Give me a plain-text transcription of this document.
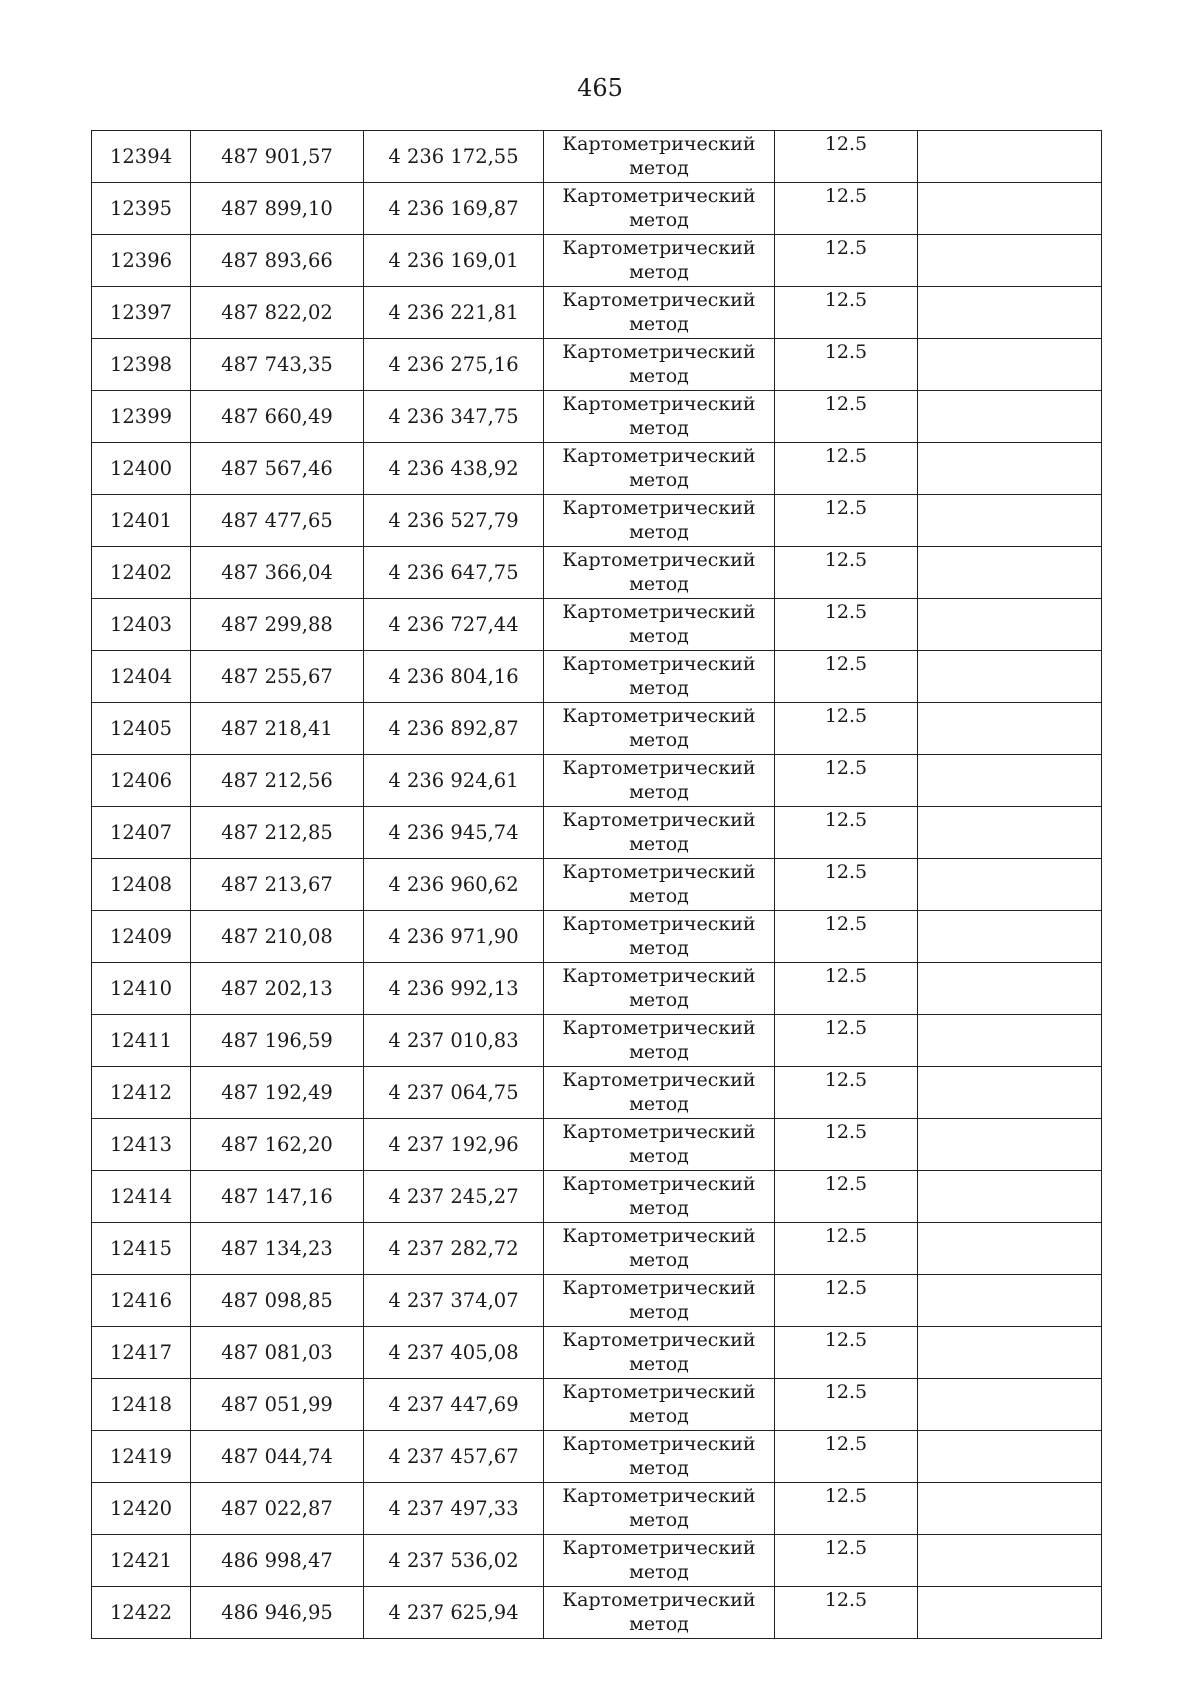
465
12394	487 901,57	4 236 172,55	Картометрический
метод	12.5	
12395	487 899,10	4 236 169,87	Картометрический
метод	12.5	
12396	487 893,66	4 236 169,01	Картометрический
метод	12.5	
12397	487 822,02	4 236 221,81	Картометрический
метод	12.5	
12398	487 743,35	4 236 275,16	Картометрический
метод	12.5	
12399	487 660,49	4 236 347,75	Картометрический
метод	12.5	
12400	487 567,46	4 236 438,92	Картометрический
метод	12.5	
12401	487 477,65	4 236 527,79	Картометрический
метод	12.5	
12402	487 366,04	4 236 647,75	Картометрический
метод	12.5	
12403	487 299,88	4 236 727,44	Картометрический
метод	12.5	
12404	487 255,67	4 236 804,16	Картометрический
метод	12.5	
12405	487 218,41	4 236 892,87	Картометрический
метод	12.5	
12406	487 212,56	4 236 924,61	Картометрический
метод	12.5	
12407	487 212,85	4 236 945,74	Картометрический
метод	12.5	
12408	487 213,67	4 236 960,62	Картометрический
метод	12.5	
12409	487 210,08	4 236 971,90	Картометрический
метод	12.5	
12410	487 202,13	4 236 992,13	Картометрический
метод	12.5	
12411	487 196,59	4 237 010,83	Картометрический
метод	12.5	
12412	487 192,49	4 237 064,75	Картометрический
метод	12.5	
12413	487 162,20	4 237 192,96	Картометрический
метод	12.5	
12414	487 147,16	4 237 245,27	Картометрический
метод	12.5	
12415	487 134,23	4 237 282,72	Картометрический
метод	12.5	
12416	487 098,85	4 237 374,07	Картометрический
метод	12.5	
12417	487 081,03	4 237 405,08	Картометрический
метод	12.5	
12418	487 051,99	4 237 447,69	Картометрический
метод	12.5	
12419	487 044,74	4 237 457,67	Картометрический
метод	12.5	
12420	487 022,87	4 237 497,33	Картометрический
метод	12.5	
12421	486 998,47	4 237 536,02	Картометрический
метод	12.5	
12422	486 946,95	4 237 625,94	Картометрический
метод	12.5	
